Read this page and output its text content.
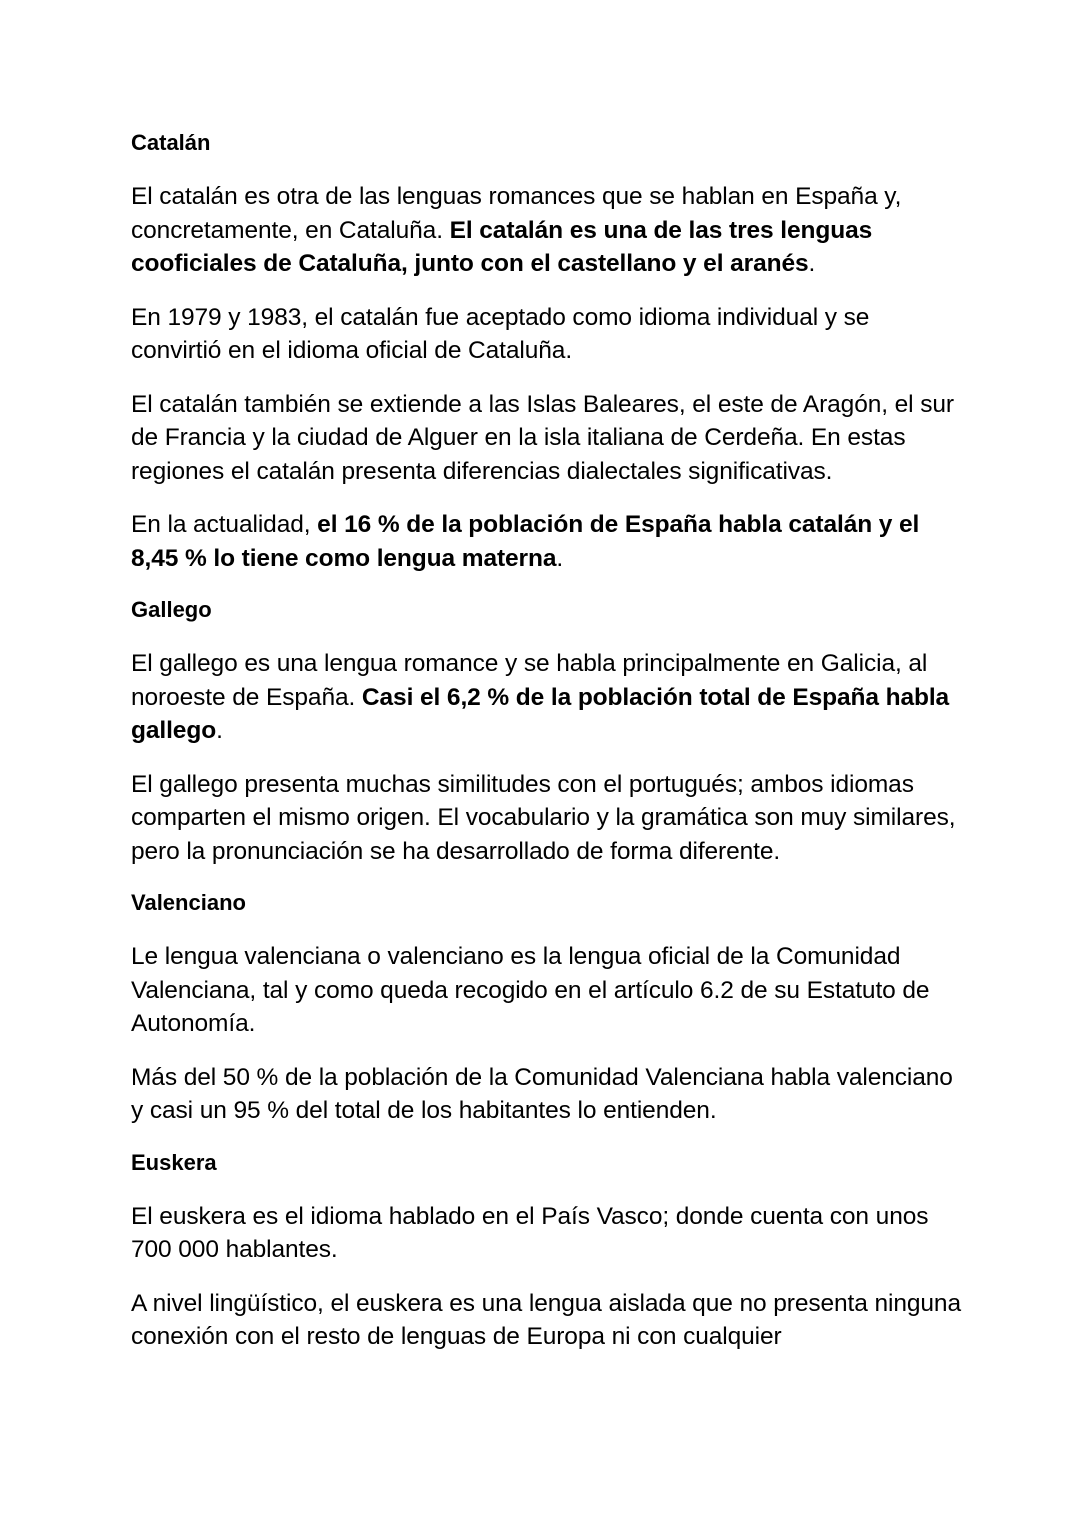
Catalán

El catalán es otra de las lenguas romances que se hablan en España y, concretamente, en Cataluña. El catalán es una de las tres lenguas cooficiales de Cataluña, junto con el castellano y el aranés.

En 1979 y 1983, el catalán fue aceptado como idioma individual y se convirtió en el idioma oficial de Cataluña.

El catalán también se extiende a las Islas Baleares, el este de Aragón, el sur de Francia y la ciudad de Alguer en la isla italiana de Cerdeña. En estas regiones el catalán presenta diferencias dialectales significativas.

En la actualidad, el 16 % de la población de España habla catalán y el 8,45 % lo tiene como lengua materna.

Gallego

El gallego es una lengua romance y se habla principalmente en Galicia, al noroeste de España. Casi el 6,2 % de la población total de España habla gallego.

El gallego presenta muchas similitudes con el portugués; ambos idiomas comparten el mismo origen. El vocabulario y la gramática son muy similares, pero la pronunciación se ha desarrollado de forma diferente.

Valenciano

Le lengua valenciana o valenciano es la lengua oficial de la Comunidad Valenciana, tal y como queda recogido en el artículo 6.2 de su Estatuto de Autonomía.

Más del 50 % de la población de la Comunidad Valenciana habla valenciano y casi un 95 % del total de los habitantes lo entienden.

Euskera

El euskera es el idioma hablado en el País Vasco; donde cuenta con unos 700 000 hablantes.

A nivel lingüístico, el euskera es una lengua aislada que no presenta ninguna conexión con el resto de lenguas de Europa ni con cualquier
